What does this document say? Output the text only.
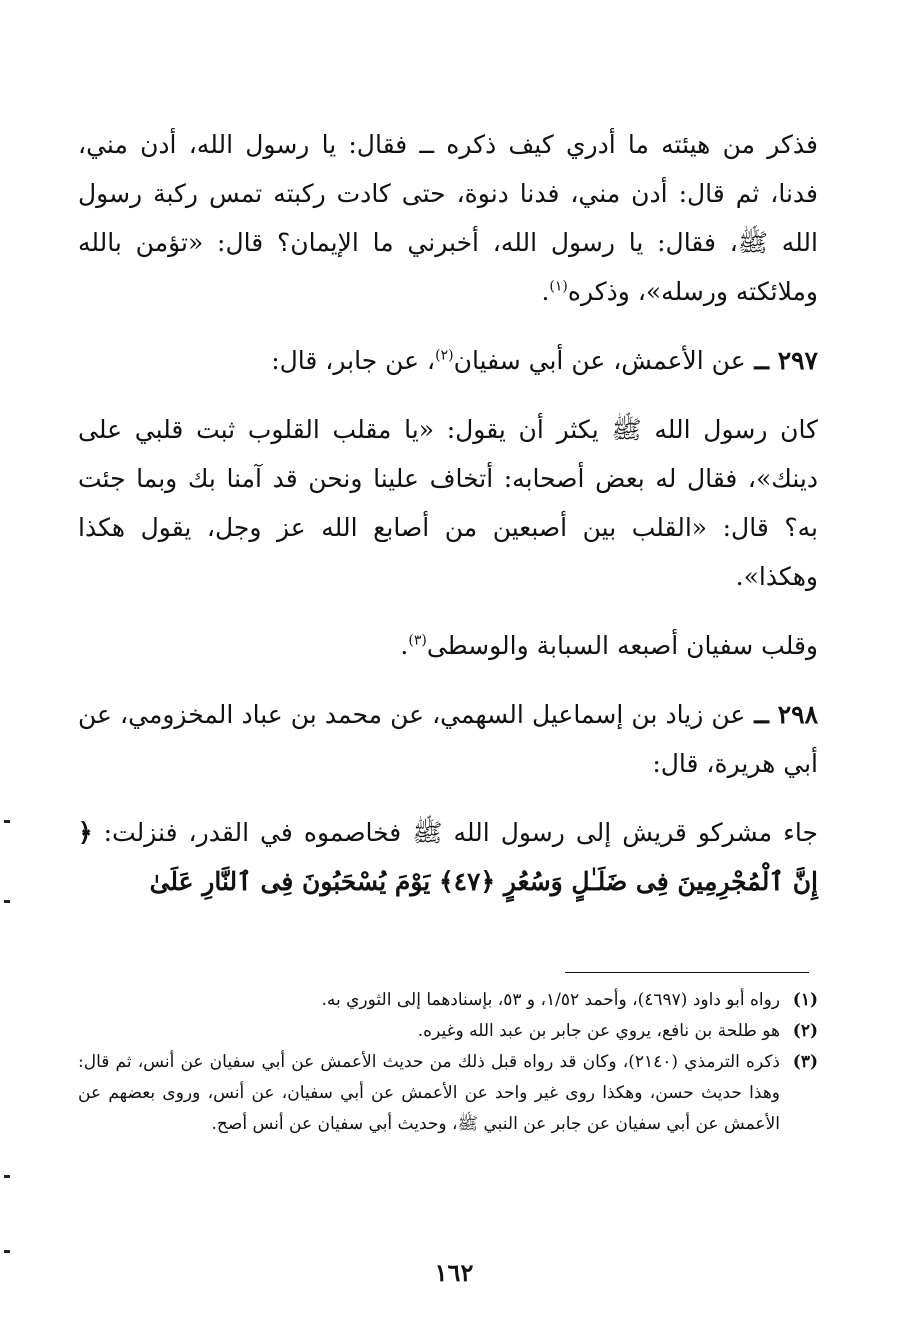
فذكر من هيئته ما أدري كيف ذكره ــ فقال: يا رسول الله، أدن مني، فدنا، ثم قال: أدن مني، فدنا دنوة، حتى كادت ركبته تمس ركبة رسول الله ﷺ، فقال: يا رسول الله، أخبرني ما الإيمان؟ قال: «تؤمن بالله وملائكته ورسله»، وذكره$^{(١)}$.

٢٩٧ ــ عن الأعمش، عن أبي سفيان$^{(٢)}$، عن جابر، قال:

كان رسول الله ﷺ يكثر أن يقول: «يا مقلب القلوب ثبت قلبي على دينك»، فقال له بعض أصحابه: أتخاف علينا ونحن قد آمنا بك وبما جئت به؟ قال: «القلب بين أصبعين من أصابع الله عز وجل، يقول هكذا وهكذا».

وقلب سفيان أصبعه السبابة والوسطى$^{(٣)}$.

٢٩٨ ــ عن زياد بن إسماعيل السهمي، عن محمد بن عباد المخزومي، عن أبي هريرة، قال:

جاء مشركو قريش إلى رسول الله ﷺ فخاصموه في القدر، فنزلت: ﴿ إِنَّ ٱلْمُجْرِمِينَ فِى ضَلَـٰلٍ وَسُعُرٍ ﴿٤٧﴾ يَوْمَ يُسْحَبُونَ فِى ٱلنَّارِ عَلَىٰ

(١)
رواه أبو داود (٤٦٩٧)، وأحمد ١/٥٢، و ٥٣، بإسنادهما إلى الثوري به.
(٢)
هو طلحة بن نافع، يروي عن جابر بن عبد الله وغيره.
(٣)
ذكره الترمذي (٢١٤٠)، وكان قد رواه قبل ذلك من حديث الأعمش عن أبي سفيان عن أنس، ثم قال: وهذا حديث حسن، وهكذا روى غير واحد عن الأعمش عن أبي سفيان، عن أنس، وروى بعضهم عن الأعمش عن أبي سفيان عن جابر عن النبي ﷺ، وحديث أبي سفيان عن أنس أصح.
١٦٢
